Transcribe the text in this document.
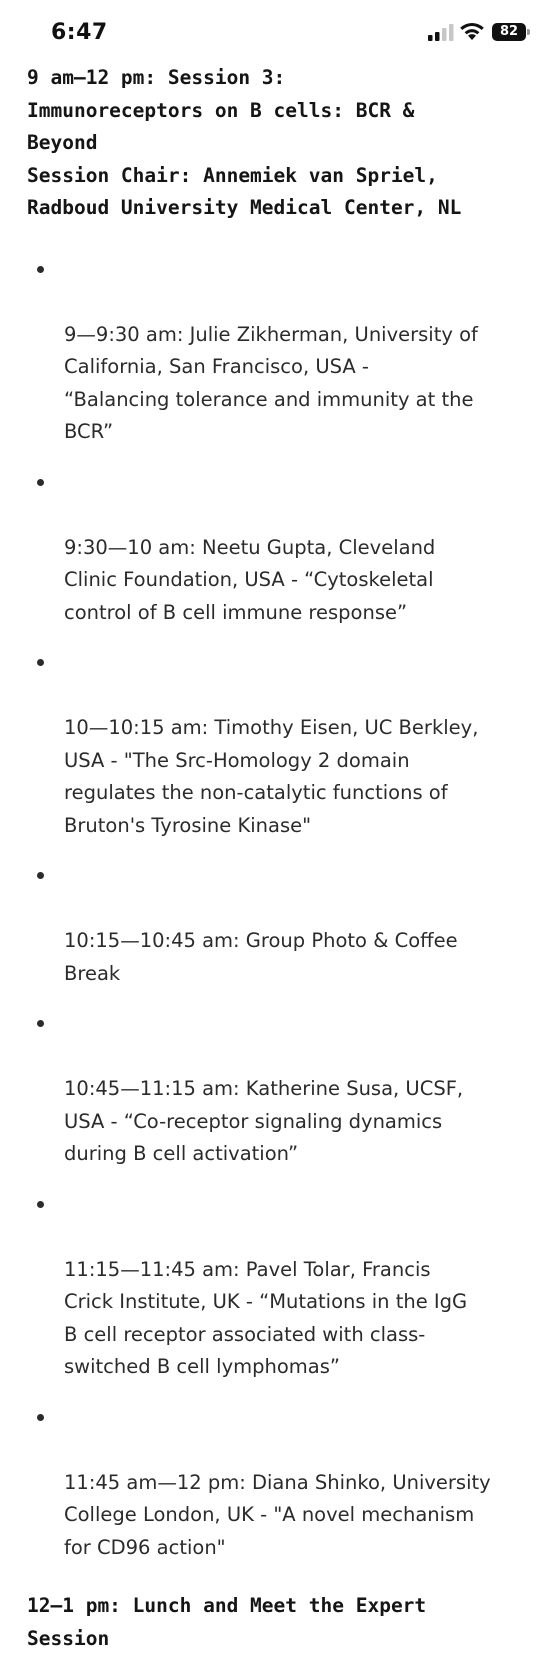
6:47	82
9 am—12 pm: Session 3:
Immunoreceptors on B cells: BCR &
Beyond
Session Chair: Annemiek van Spriel,
Radboud University Medical Center, NL

9—9:30 am: Julie Zikherman, University of
California, San Francisco, USA -
“Balancing tolerance and immunity at the
BCR”

9:30—10 am: Neetu Gupta, Cleveland
Clinic Foundation, USA - “Cytoskeletal
control of B cell immune response”

10—10:15 am: Timothy Eisen, UC Berkley,
USA - "The Src-Homology 2 domain
regulates the non-catalytic functions of
Bruton's Tyrosine Kinase"

10:15—10:45 am: Group Photo & Coffee
Break

10:45—11:15 am: Katherine Susa, UCSF,
USA - “Co-receptor signaling dynamics
during B cell activation”

11:15—11:45 am: Pavel Tolar, Francis
Crick Institute, UK - “Mutations in the IgG
B cell receptor associated with class-
switched B cell lymphomas”

11:45 am—12 pm: Diana Shinko, University
College London, UK - "A novel mechanism
for CD96 action"

12—1 pm: Lunch and Meet the Expert
Session
